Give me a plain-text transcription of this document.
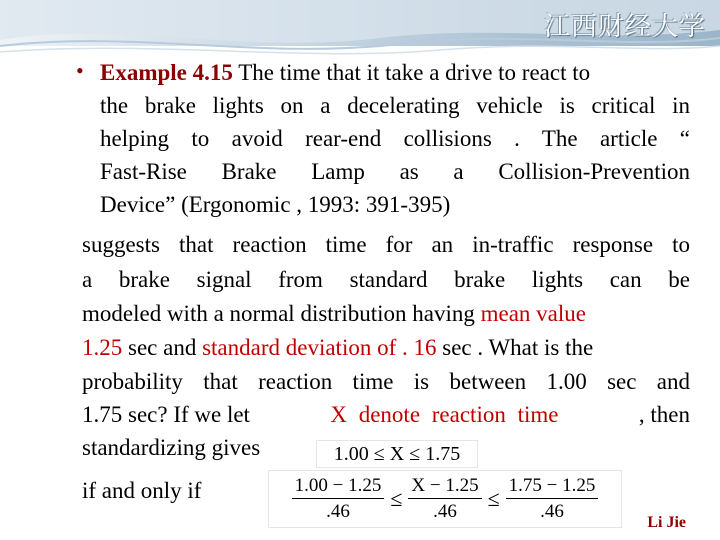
江西财经大学
• Example 4.15 The time that it take a drive to react to
the brake lights on a decelerating vehicle is critical in
helping to avoid rear-end collisions . The article “
Fast-Rise Brake Lamp as a Collision-Prevention
Device” (Ergonomic , 1993: 391-395)
suggests that reaction time for an in-traffic response to
a brake signal from standard brake lights can be
modeled with a normal distribution having mean value
1.25 sec and standard deviation of . 16 sec . What is the
probability that reaction time is between 1.00 sec and
1.75 sec? If we let	X denote reaction time	, then
standardizing gives
if and only if
1.00 ≤ X ≤ 1.75
$\frac{1.00 - 1.25}{.46} \le \frac{X - 1.25}{.46} \le \frac{1.75 - 1.25}{.46}$	Li Jie
